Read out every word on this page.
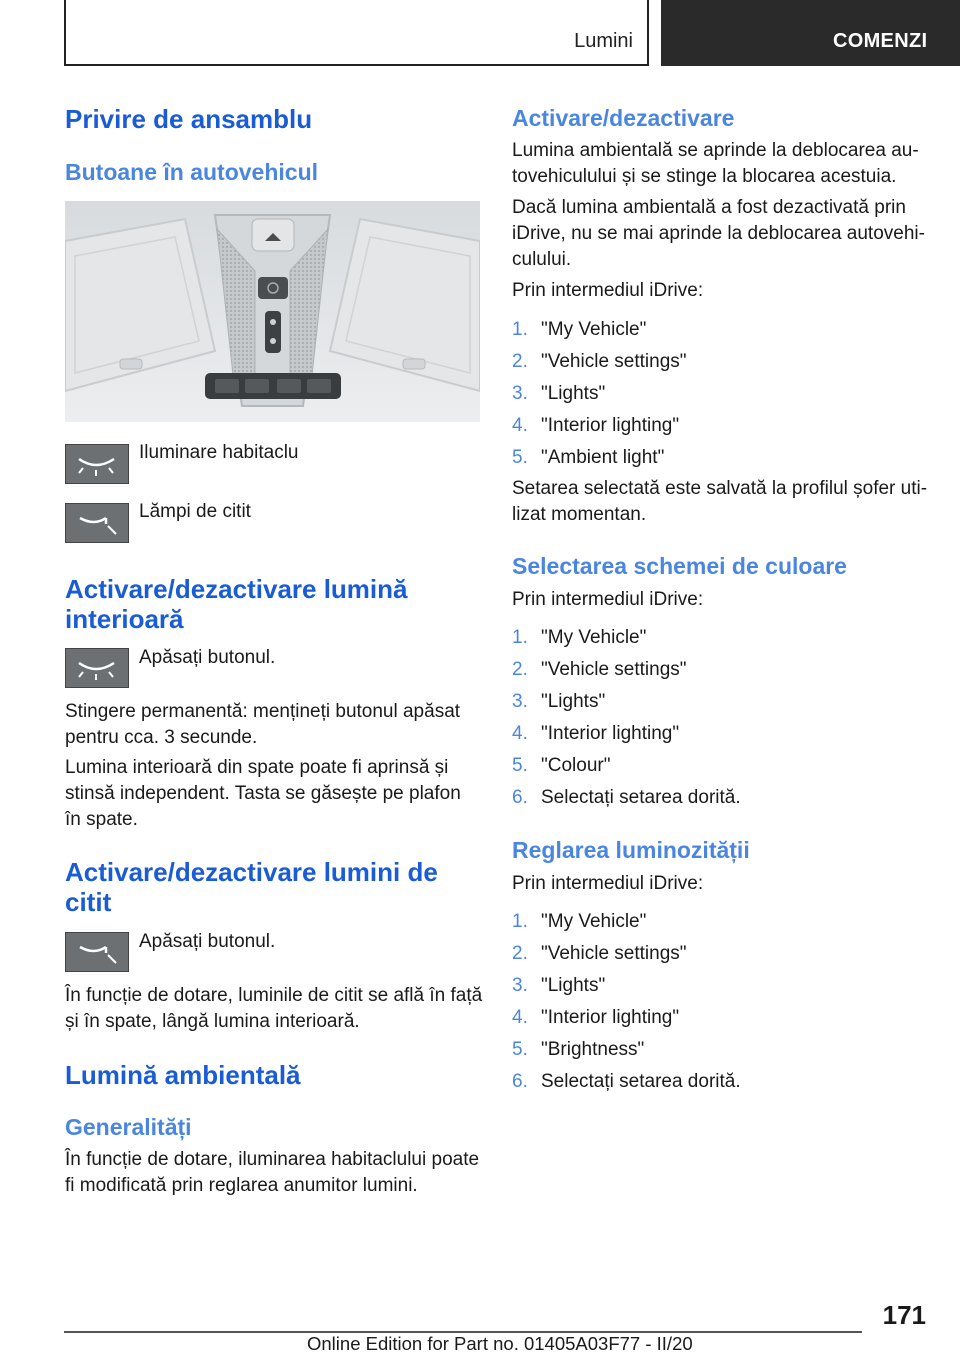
Lumini	COMENZI
Privire de ansamblu
Butoane în autovehicul

Iluminare habitaclu

Lămpi de citit

Activare/dezactivare lumină
interioară

Apăsați butonul.

Stingere permanentă: mențineți butonul apăsat

pentru cca. 3 secunde.

Lumina interioară din spate poate fi aprinsă și

stinsă independent. Tasta se găsește pe plafon

în spate.

Activare/dezactivare lumini de
citit

Apăsați butonul.

În funcție de dotare, luminile de citit se află în față

și în spate, lângă lumina interioară.

Lumină ambientală
Generalități

În funcție de dotare, iluminarea habitaclului poate

fi modificată prin reglarea anumitor lumini.

Activare/dezactivare

Lumina ambientală se aprinde la deblocarea au-

tovehiculului și se stinge la blocarea acestuia.

Dacă lumina ambientală a fost dezactivată prin

iDrive, nu se mai aprinde la deblocarea autovehi-

culului.

Prin intermediul iDrive:

1. "My Vehicle"
2. "Vehicle settings"
3. "Lights"
4. "Interior lighting"
5. "Ambient light"

Setarea selectată este salvată la profilul șofer uti-

lizat momentan.

Selectarea schemei de culoare

Prin intermediul iDrive:

1. "My Vehicle"
2. "Vehicle settings"
3. "Lights"
4. "Interior lighting"
5. "Colour"
6. Selectați setarea dorită.
Reglarea luminozității

Prin intermediul iDrive:

1. "My Vehicle"
2. "Vehicle settings"
3. "Lights"
4. "Interior lighting"
5. "Brightness"
6. Selectați setarea dorită.
171
Online Edition for Part no. 01405A03F77 - II/20
